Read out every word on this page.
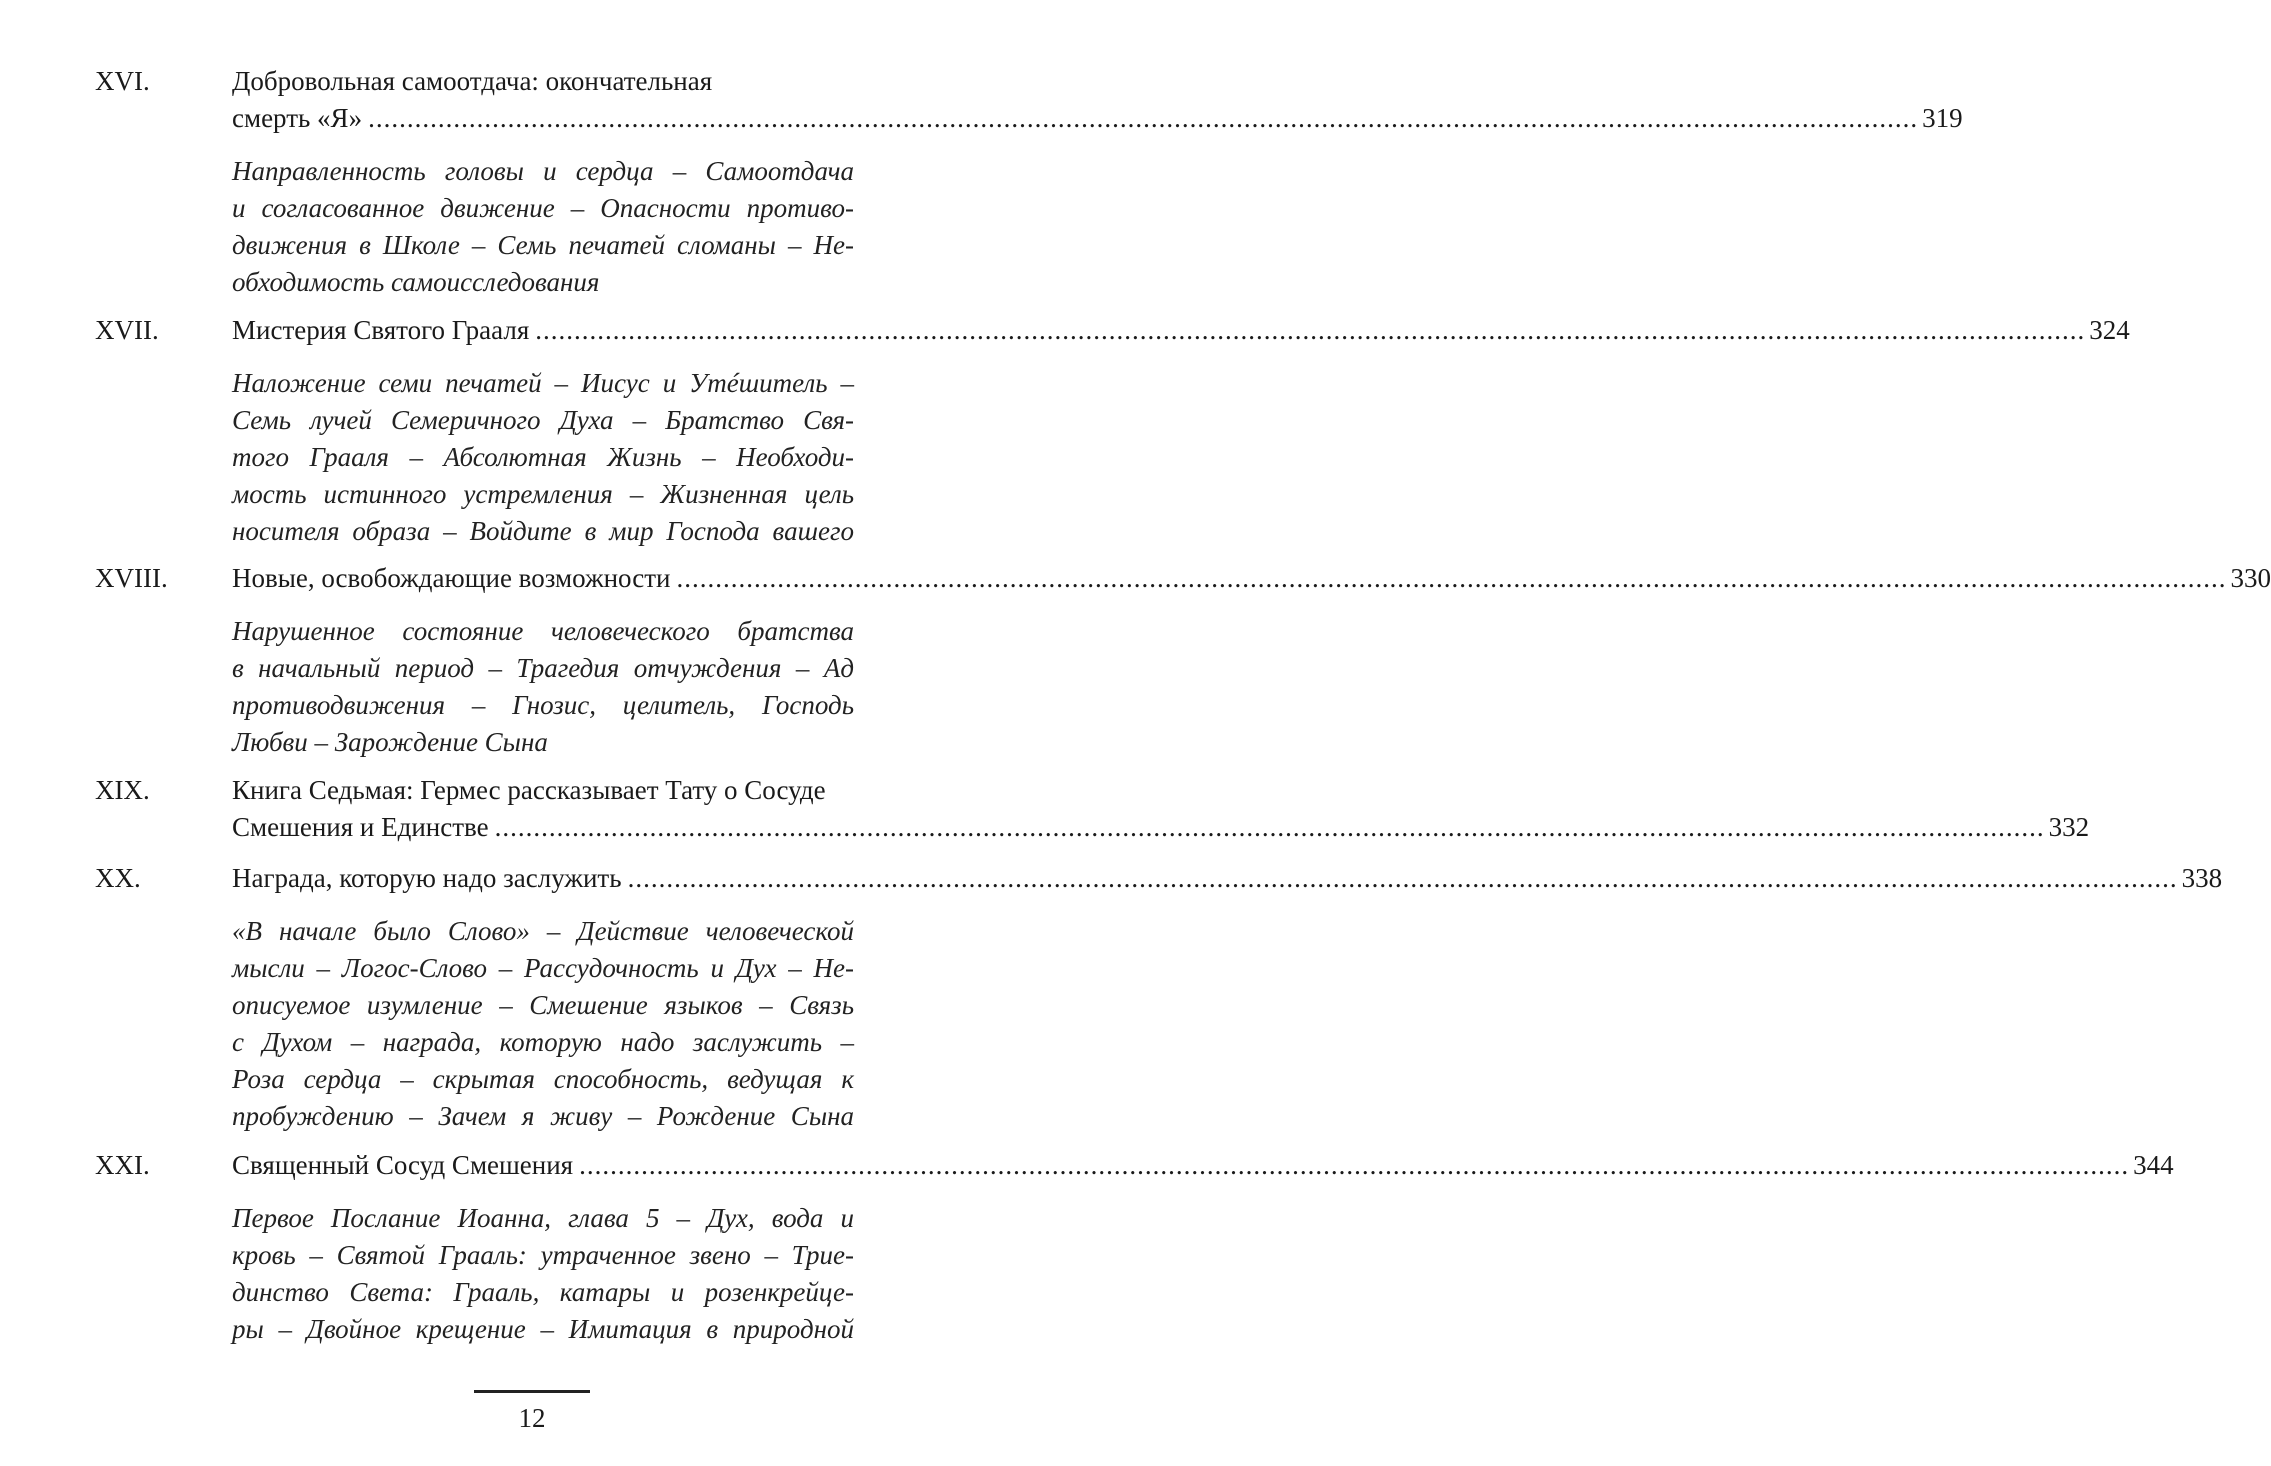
XVI.	Добровольная самоотдача: окончательная
смерть «Я» ........................................................................................................................................................................................................ 319
Направленность головы и сердца – Самоотдача
и согласованное движение – Опасности противо-
движения в Школе – Семь печатей сломаны – Не-
обходимость самоисследования
XVII.	Мистерия Святого Грааля ........................................................................................................................................................................................................ 324
Наложение семи печатей – Иисус и Утéшитель –
Семь лучей Семеричного Духа – Братство Свя-
того Грааля – Абсолютная Жизнь – Необходи-
мость истинного устремления – Жизненная цель
носителя образа – Войдите в мир Господа вашего
XVIII. Новые, освобождающие возможности ........................................................................................................................................................................................................ 330
Нарушенное состояние человеческого братства
в начальный период – Трагедия отчуждения – Ад
противодвижения – Гнозис, целитель, Господь
Любви – Зарождение Сына
XIX.	Книга Седьмая: Гермес рассказывает Тату о Сосуде
Смешения и Единстве ........................................................................................................................................................................................................ 332
XX.	Награда, которую надо заслужить ........................................................................................................................................................................................................ 338
«В начале было Слово» – Действие человеческой
мысли – Логос-Слово – Рассудочность и Дух – Не-
описуемое изумление – Смешение языков – Связь
с Духом – награда, которую надо заслужить –
Роза сердца – скрытая способность, ведущая к
пробуждению – Зачем я живу – Рождение Сына
XXI.	Священный Сосуд Смешения ........................................................................................................................................................................................................ 344
Первое Послание Иоанна, глава 5 – Дух, вода и
кровь – Святой Грааль: утраченное звено – Трие-
динство Света: Грааль, катары и розенкрейце-
ры – Двойное крещение – Имитация в природной
12
